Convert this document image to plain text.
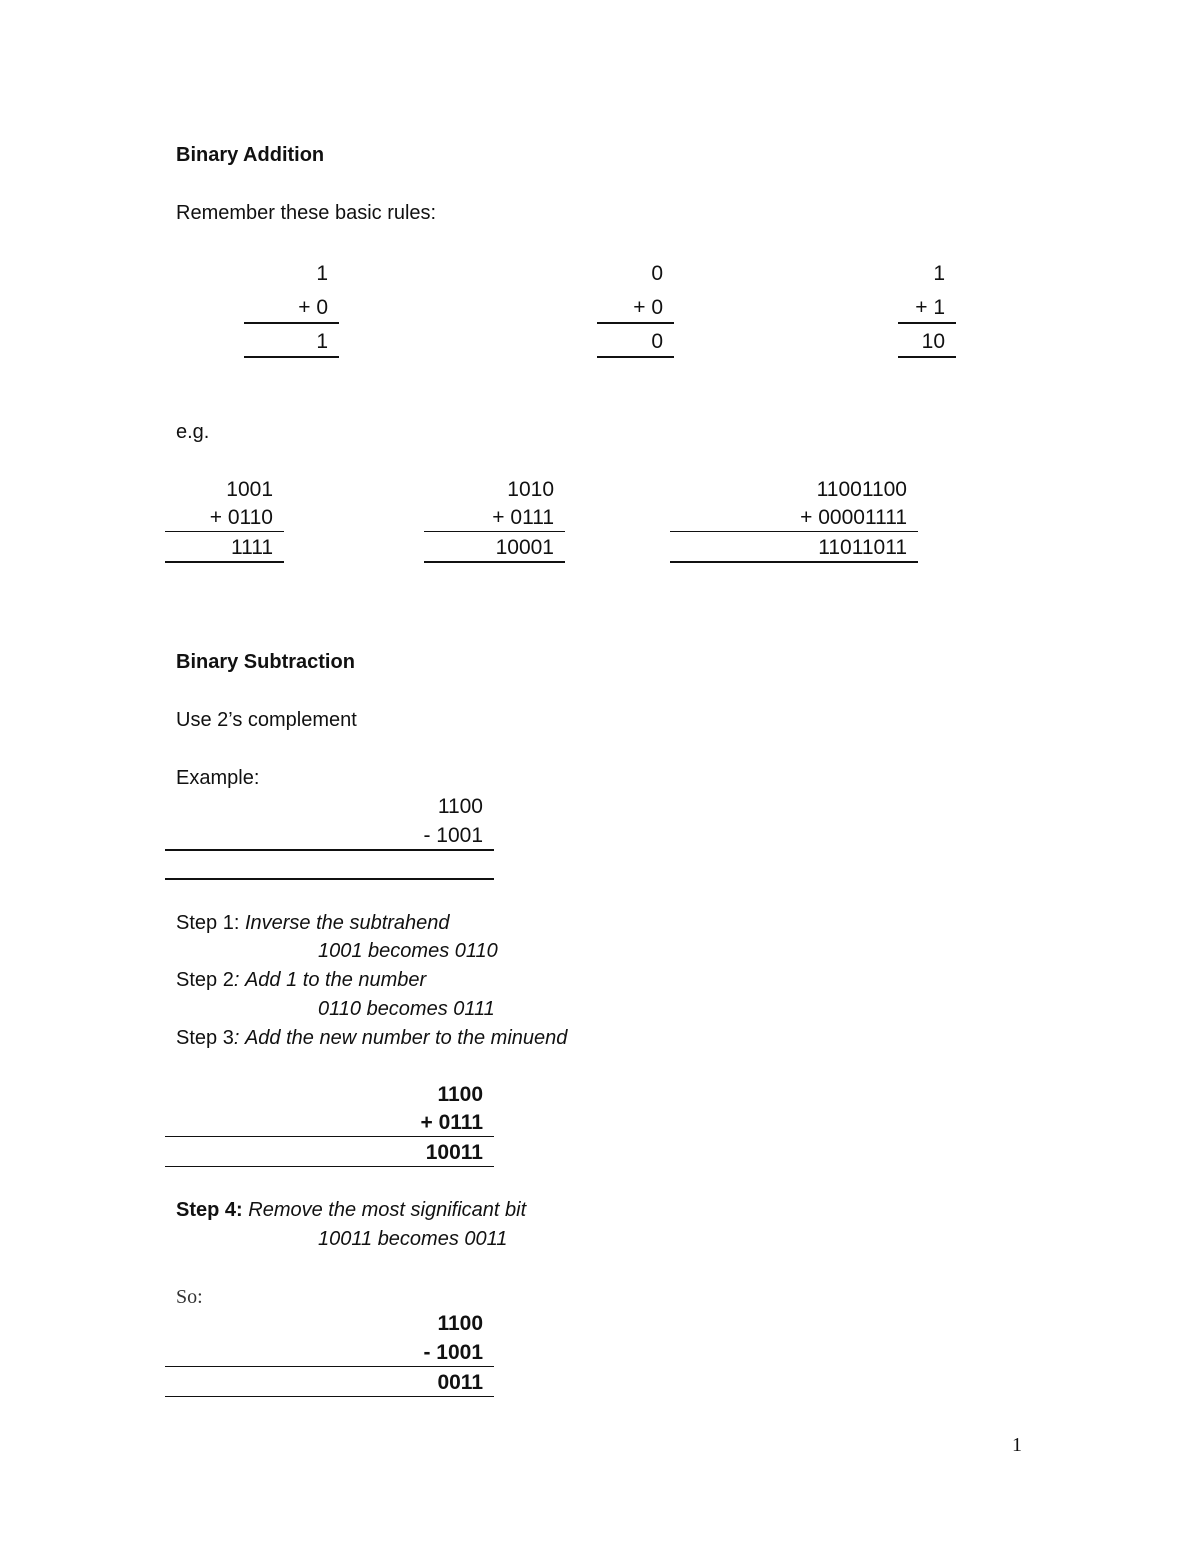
Binary Addition
Remember these basic rules:
1
+ 0
1
0
+ 0
0
1
+ 1
10
e.g.
1001
+ 0110
1111
1010
+ 0111
10001
11001100
+ 00001111
11011011
Binary Subtraction
Use 2’s complement
Example:
1100
- 1001
Step 1: Inverse the subtrahend
1001 becomes 0110
Step 2: Add 1 to the number
0110 becomes 0111
Step 3: Add the new number to the minuend
1100
+ 0111
10011
Step 4: Remove the most significant bit
10011 becomes 0011
So:
1100
- 1001
0011
1
